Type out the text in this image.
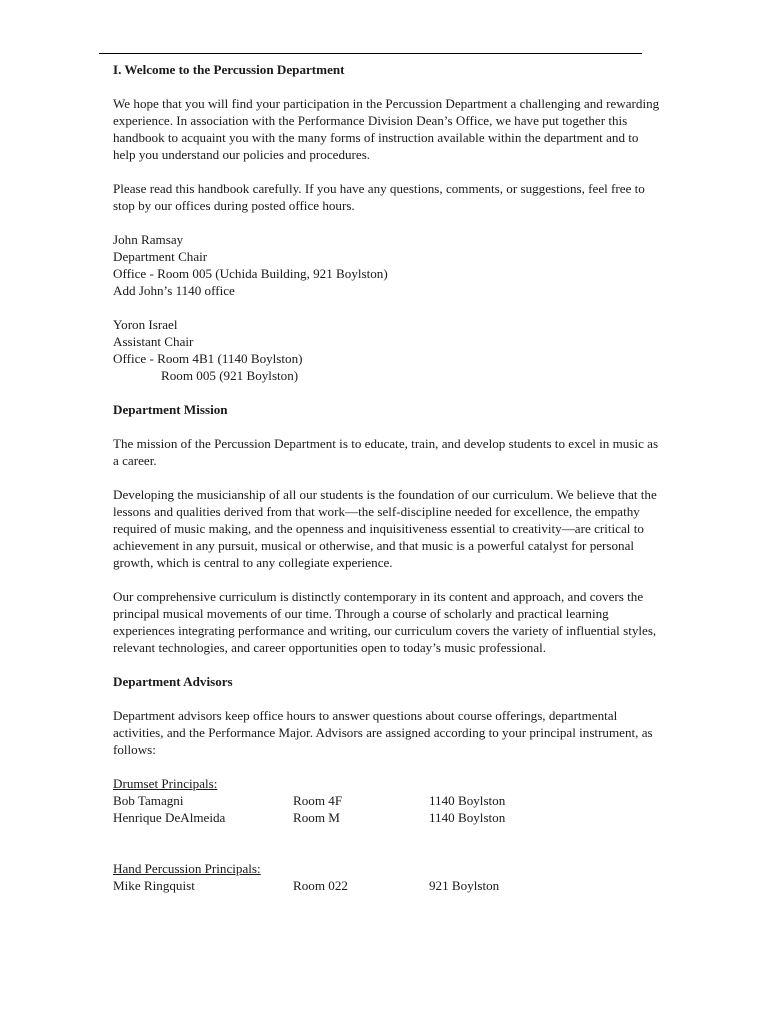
I. Welcome to the Percussion Department

We hope that you will find your participation in the Percussion Department a challenging and rewarding experience. In association with the Performance Division Dean’s Office, we have put together this handbook to acquaint you with the many forms of instruction available within the department and to help you understand our policies and procedures.

Please read this handbook carefully. If you have any questions, comments, or suggestions, feel free to stop by our offices during posted office hours.

John Ramsay
Department Chair
Office - Room 005 (Uchida Building, 921 Boylston)
Add John’s 1140 office
Yoron Israel
Assistant Chair
Office - Room 4B1 (1140 Boylston)
Room 005 (921 Boylston)
Department Mission

The mission of the Percussion Department is to educate, train, and develop students to excel in music as a career.

Developing the musicianship of all our students is the foundation of our curriculum. We believe that the lessons and qualities derived from that work—the self-discipline needed for excellence, the empathy required of music making, and the openness and inquisitiveness essential to creativity—are critical to achievement in any pursuit, musical or otherwise, and that music is a powerful catalyst for personal growth, which is central to any collegiate experience.

Our comprehensive curriculum is distinctly contemporary in its content and approach, and covers the principal musical movements of our time. Through a course of scholarly and practical learning experiences integrating performance and writing, our curriculum covers the variety of influential styles, relevant technologies, and career opportunities open to today’s music professional.

Department Advisors

Department advisors keep office hours to answer questions about course offerings, departmental activities, and the Performance Major. Advisors are assigned according to your principal instrument, as follows:

Drumset Principals:
Bob Tamagni	Room 4F	1140 Boylston
Henrique DeAlmeida	Room M	1140 Boylston
Hand Percussion Principals:
Mike Ringquist	Room 022	921 Boylston
